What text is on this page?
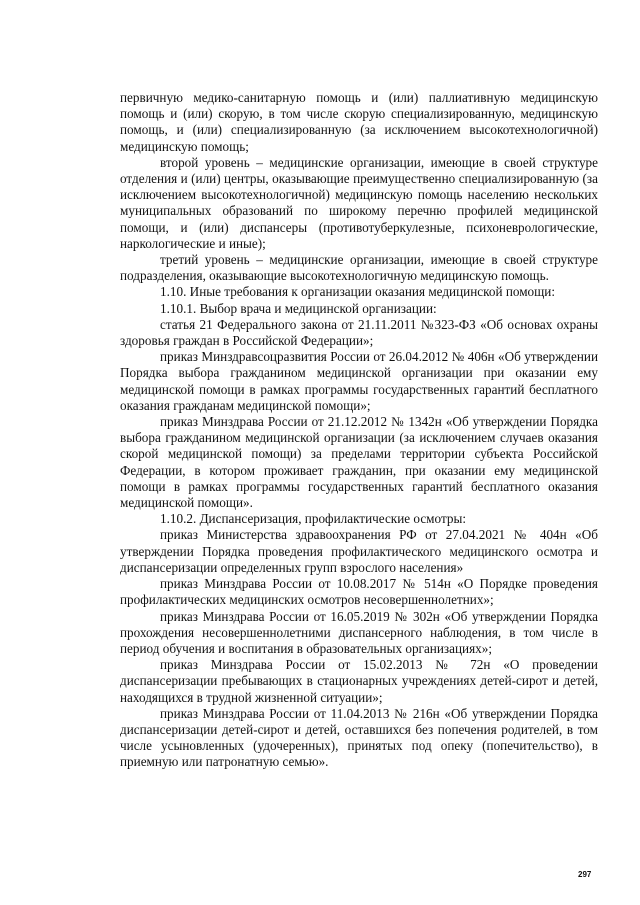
первичную медико-санитарную помощь и (или) паллиативную медицинскую помощь и (или) скорую, в том числе скорую специализированную, медицинскую помощь, и (или) специализированную (за исключением высокотехнологичной) медицинскую помощь;

второй уровень – медицинские организации, имеющие в своей структуре отделения и (или) центры, оказывающие преимущественно специализированную (за исключением высокотехнологичной) медицинскую помощь населению нескольких муниципальных образований по широкому перечню профилей медицинской помощи, и (или) диспансеры (противотуберкулезные, психоневрологические, наркологические и иные);

третий уровень – медицинские организации, имеющие в своей структуре подразделения, оказывающие высокотехнологичную медицинскую помощь.

1.10. Иные требования к организации оказания медицинской помощи:

1.10.1. Выбор врача и медицинской организации:

статья 21 Федерального закона от 21.11.2011 №323-ФЗ «Об основах охраны здоровья граждан в Российской Федерации»;

приказ Минздравсоцразвития России от 26.04.2012 № 406н «Об утверждении Порядка выбора гражданином медицинской организации при оказании ему медицинской помощи в рамках программы государственных гарантий бесплатного оказания гражданам медицинской помощи»;

приказ Минздрава России от 21.12.2012 № 1342н «Об утверждении Порядка выбора гражданином медицинской организации (за исключением случаев оказания скорой медицинской помощи) за пределами территории субъекта Российской Федерации, в котором проживает гражданин, при оказании ему медицинской помощи в рамках программы государственных гарантий бесплатного оказания медицинской помощи».

1.10.2. Диспансеризация, профилактические осмотры:

приказ Министерства здравоохранения РФ от 27.04.2021 № 404н «Об утверждении Порядка проведения профилактического медицинского осмотра и диспансеризации определенных групп взрослого населения»

приказ Минздрава России от 10.08.2017 № 514н «О Порядке проведения профилактических медицинских осмотров несовершеннолетних»;

приказ Минздрава России от 16.05.2019 № 302н «Об утверждении Порядка прохождения несовершеннолетними диспансерного наблюдения, в том числе в период обучения и воспитания в образовательных организациях»;

приказ Минздрава России от 15.02.2013 № 72н «О проведении диспансеризации пребывающих в стационарных учреждениях детей-сирот и детей, находящихся в трудной жизненной ситуации»;

приказ Минздрава России от 11.04.2013 № 216н «Об утверждении Порядка диспансеризации детей-сирот и детей, оставшихся без попечения родителей, в том числе усыновленных (удочеренных), принятых под опеку (попечительство), в приемную или патронатную семью».

297
